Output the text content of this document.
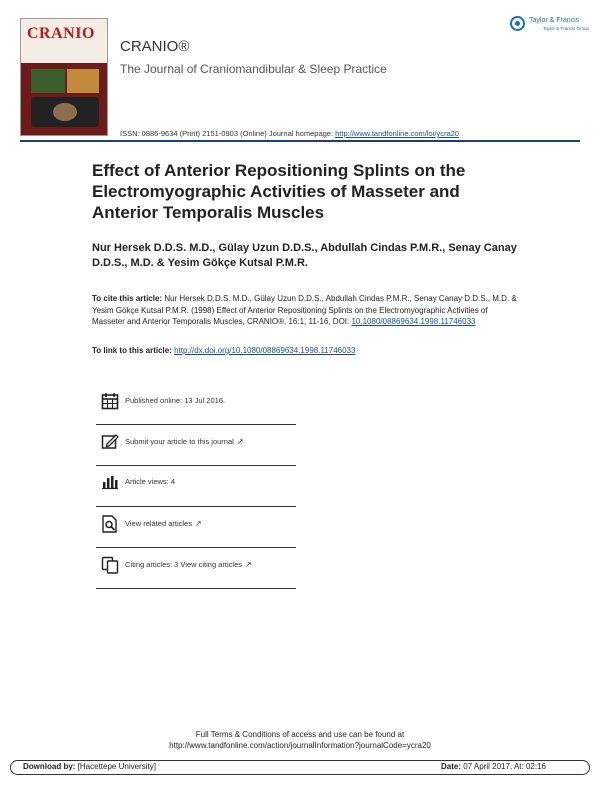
CRANIO
CRANIO®
The Journal of Craniomandibular & Sleep Practice
ISSN: 0886-9634 (Print) 2151-0903 (Online) Journal homepage: http://www.tandfonline.com/loi/ycra20
Taylor & Francis
Taylor & Francis Group
Effect of Anterior Repositioning Splints on the Electromyographic Activities of Masseter and Anterior Temporalis Muscles
Nur Hersek D.D.S. M.D., Gülay Uzun D.D.S., Abdullah Cindas P.M.R., Senay Canay D.D.S., M.D. & Yesim Gökçe Kutsal P.M.R.
To cite this article: Nur Hersek D.D.S. M.D., Gülay Uzun D.D.S., Abdullah Cindas P.M.R., Senay Canay D.D.S., M.D. & Yesim Gökçe Kutsal P.M.R. (1998) Effect of Anterior Repositioning Splints on the Electromyographic Activities of Masseter and Anterior Temporalis Muscles, CRANIO®, 16:1, 11-16, DOI: 10.1080/08869634.1998.11746033
To link to this article: http://dx.doi.org/10.1080/08869634.1998.11746033
Published online: 13 Jul 2016.
Submit your article to this journal ↗
Article views: 4
View related articles ↗
Citing articles: 3 View citing articles ↗
Full Terms & Conditions of access and use can be found at
http://www.tandfonline.com/action/journalInformation?journalCode=ycra20
Download by: [Hacettepe University]	Date: 07 April 2017, At: 02:16
